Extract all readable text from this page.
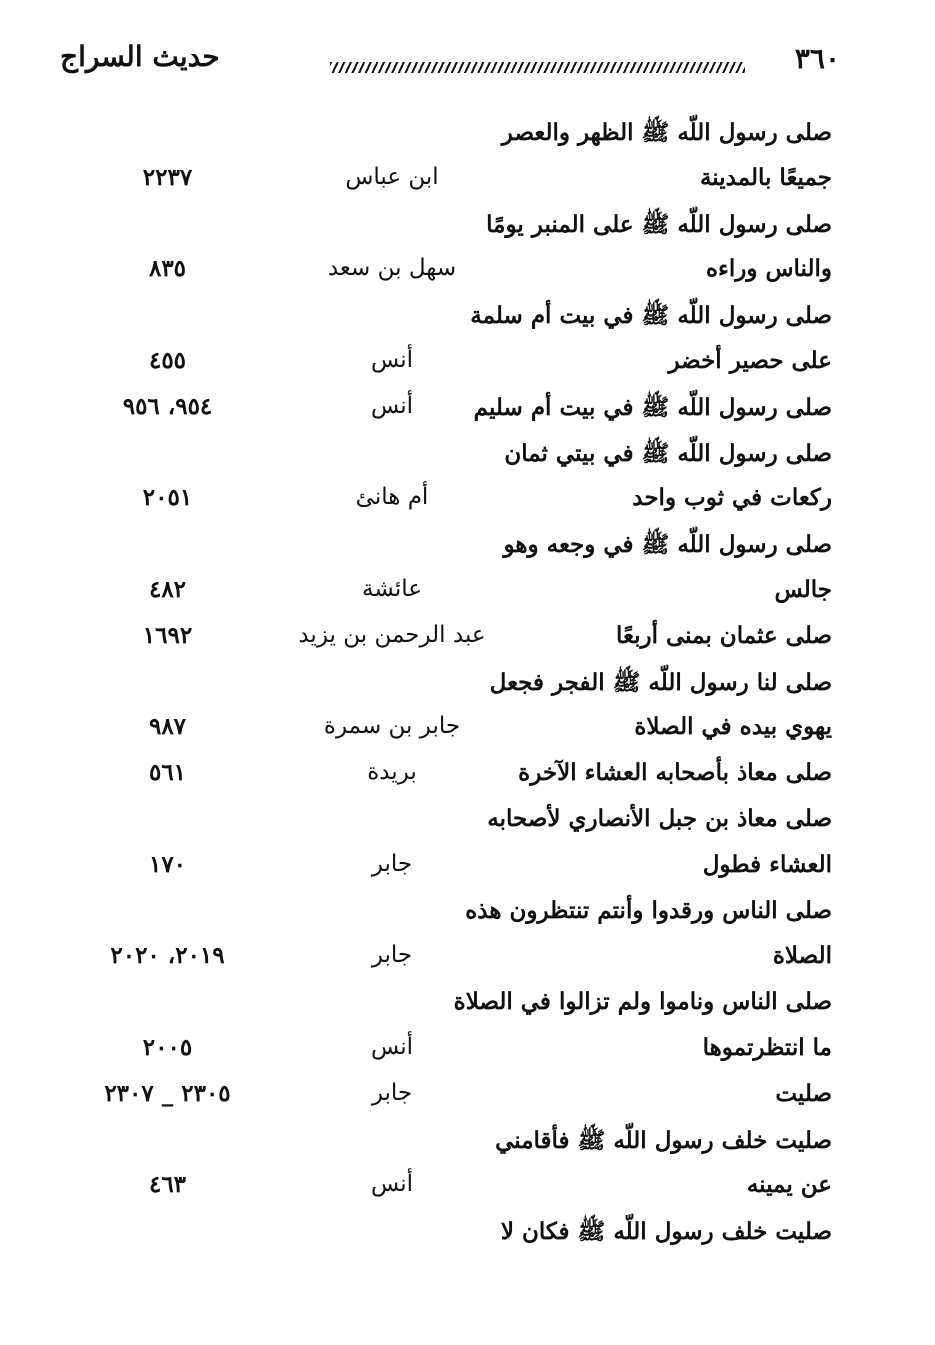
حديث السراج	٣٦٠
صلى رسول اللّه ﷺ الظهر والعصر
جميعًا بالمدينة
ابن عباس
٢٢٣٧
صلى رسول اللّه ﷺ على المنبر يومًا
والناس وراءه
سهل بن سعد
٨٣٥
صلى رسول اللّه ﷺ في بيت أم سلمة
على حصير أخضر
أنس
٤٥٥
صلى رسول اللّه ﷺ في بيت أم سليم
أنس
٩٥٤، ٩٥٦
صلى رسول اللّه ﷺ في بيتي ثمان
ركعات في ثوب واحد
أم هانئ
٢٠٥١
صلى رسول اللّه ﷺ في وجعه وهو
جالس
عائشة
٤٨٢
صلى عثمان بمنى أربعًا
عبد الرحمن بن يزيد
١٦٩٢
صلى لنا رسول اللّه ﷺ الفجر فجعل
يهوي بيده في الصلاة
جابر بن سمرة
٩٨٧
صلى معاذ بأصحابه العشاء الآخرة
بريدة
٥٦١
صلى معاذ بن جبل الأنصاري لأصحابه
العشاء فطول
جابر
١٧٠
صلى الناس ورقدوا وأنتم تنتظرون هذه
الصلاة
جابر
٢٠١٩، ٢٠٢٠
صلى الناس وناموا ولم تزالوا في الصلاة
ما انتظرتموها
أنس
٢٠٠٥
صليت
جابر
٢٣٠٥ _ ٢٣٠٧
صليت خلف رسول اللّه ﷺ فأقامني
عن يمينه
أنس
٤٦٣
صليت خلف رسول اللّه ﷺ فكان لا
